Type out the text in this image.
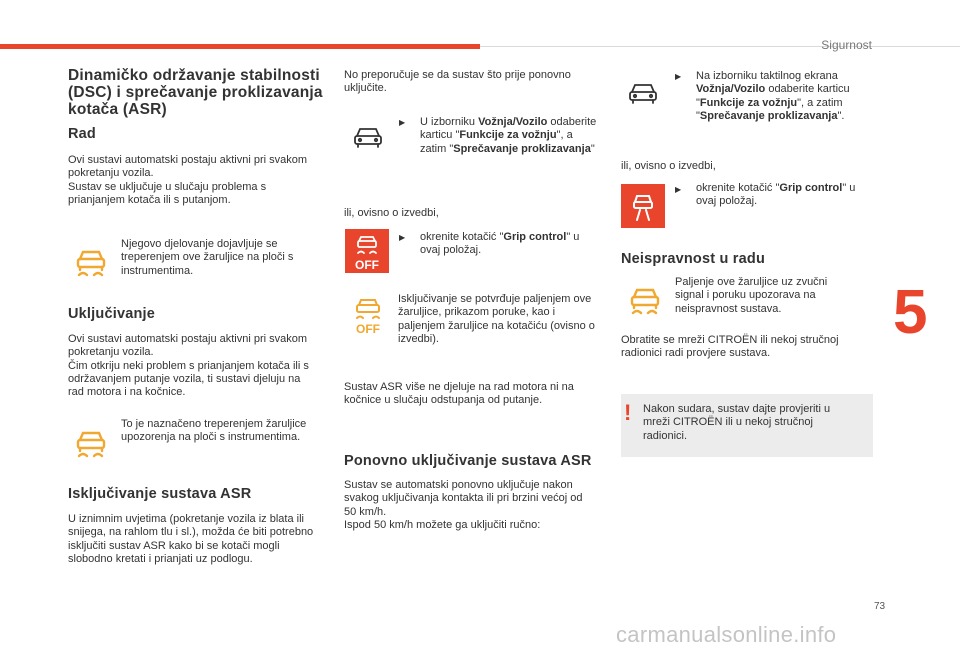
Sigurnost
5
73
carmanualsonline.info
Dinamičko održavanje stabilnosti (DSC) i sprečavanje proklizavanja kotača (ASR)
Rad

Ovi sustavi automatski postaju aktivni pri svakom pokretanju vozila.
Sustav se uključuje u slučaju problema s prianjanjem kotača ili s putanjom.

Njegovo djelovanje dojavljuje se treperenjem ove žaruljice na ploči s instrumentima.

Uključivanje

Ovi sustavi automatski postaju aktivni pri svakom pokretanju vozila.
Čim otkriju neki problem s prianjanjem kotača ili s održavanjem putanje vozila, ti sustavi djeluju na rad motora i na kočnice.

To je naznačeno treperenjem žaruljice upozorenja na ploči s instrumentima.

Isključivanje sustava ASR

U iznimnim uvjetima (pokretanje vozila iz blata ili snijega, na rahlom tlu i sl.), možda će biti potrebno isključiti sustav ASR kako bi se kotači mogli slobodno kretati i prianjati uz podlogu.

No preporučuje se da sustav što prije ponovno uključite.

▶ U izborniku Vožnja/Vozilo odaberite karticu "Funkcije za vožnju", a zatim "Sprečavanje proklizavanja"

ili, ovisno o izvedbi,

OFF
▶ okrenite kotačić "Grip control" u ovaj položaj.

OFF

Isključivanje se potvrđuje paljenjem ove žaruljice, prikazom poruke, kao i paljenjem žaruljice na kotačiću (ovisno o izvedbi).

Sustav ASR više ne djeluje na rad motora ni na kočnice u slučaju odstupanja od putanje.

Ponovno uključivanje sustava ASR

Sustav se automatski ponovno uključuje nakon svakog uključivanja kontakta ili pri brzini većoj od 50 km/h.
Ispod 50 km/h možete ga uključiti ručno:

▶ Na izborniku taktilnog ekrana Vožnja/Vozilo odaberite karticu "Funkcije za vožnju", a zatim "Sprečavanje proklizavanja".

ili, ovisno o izvedbi,

▶ okrenite kotačić "Grip control" u ovaj položaj.

Neispravnost u radu

Paljenje ove žaruljice uz zvučni signal i poruku upozorava na neispravnost sustava.

Obratite se mreži CITROËN ili nekoj stručnoj radionici radi provjere sustava.

! Nakon sudara, sustav dajte provjeriti u mreži CITROËN ili u nekoj stručnoj radionici.
